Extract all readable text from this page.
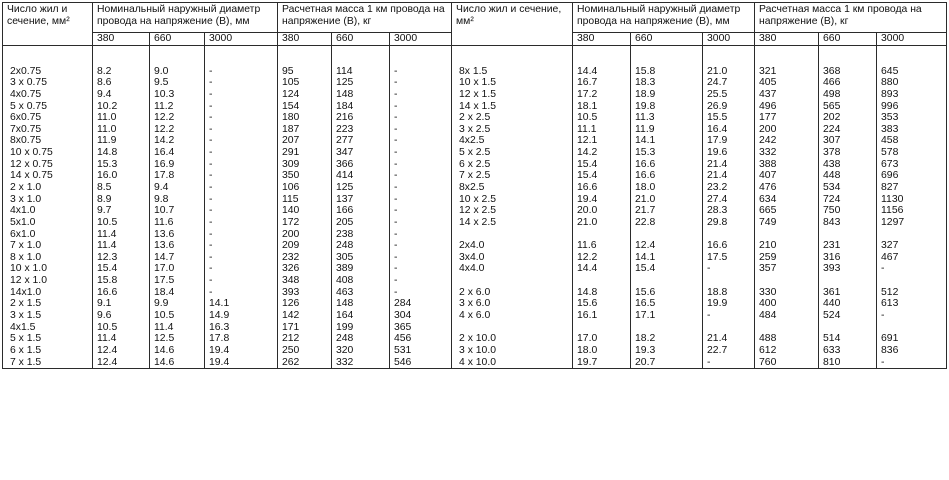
Число жил и сечение, мм²	Номинальный наружный диаметр провода на напряжение (В), мм			Расчетная масса 1 км провода на напряжение (В), кг			Число жил и сечение, мм²	Номинальный наружный диаметр провода на напряжение (В), мм			Расчетная масса 1 км провода на напряжение (В), кг		
	380	660	3000	380	660	3000		380	660	3000	380	660	3000

2x0.75	8.2	9.0	-	95	114	-	8x 1.5	14.4	15.8	21.0	321	368	645
3 x 0.75	8.6	9.5	-	105	125	-	10 x 1.5	16.7	18.3	24.7	405	466	880
4x0.75	9.4	10.3	-	124	148	-	12 x 1.5	17.2	18.9	25.5	437	498	893
5 x 0.75	10.2	11.2	-	154	184	-	14 x 1.5	18.1	19.8	26.9	496	565	996
6x0.75	11.0	12.2	-	180	216	-	2 x 2.5	10.5	11.3	15.5	177	202	353
7x0.75	11.0	12.2	-	187	223	-	3 x 2.5	11.1	11.9	16.4	200	224	383
8x0.75	11.9	14.2	-	207	277	-	4x2.5	12.1	14.1	17.9	242	307	458
10 x 0.75	14.8	16.4	-	291	347	-	5 x 2.5	14.2	15.3	19.6	332	378	578
12 x 0.75	15.3	16.9	-	309	366	-	6 x 2.5	15.4	16.6	21.4	388	438	673
14 x 0.75	16.0	17.8	-	350	414	-	7 x 2.5	15.4	16.6	21.4	407	448	696
2 x 1.0	8.5	9.4	-	106	125	-	8x2.5	16.6	18.0	23.2	476	534	827
3 x 1.0	8.9	9.8	-	115	137	-	10 x 2.5	19.4	21.0	27.4	634	724	1130
4x1.0	9.7	10.7	-	140	166	-	12 x 2.5	20.0	21.7	28.3	665	750	1156
5x1.0	10.5	11.6	-	172	205	-	14 x 2.5	21.0	22.8	29.8	749	843	1297
6x1.0	11.4	13.6	-	200	238	-							
7 x 1.0	11.4	13.6	-	209	248	-	2x4.0	11.6	12.4	16.6	210	231	327
8 x 1.0	12.3	14.7	-	232	305	-	3x4.0	12.2	14.1	17.5	259	316	467
10 x 1.0	15.4	17.0	-	326	389	-	4x4.0	14.4	15.4	-	357	393	-
12 x 1.0	15.8	17.5	-	348	408	-							
14x1.0	16.6	18.4	-	393	463	-	2 x 6.0	14.8	15.6	18.8	330	361	512
2 x 1.5	9.1	9.9	14.1	126	148	284	3 x 6.0	15.6	16.5	19.9	400	440	613
3 x 1.5	9.6	10.5	14.9	142	164	304	4 x 6.0	16.1	17.1	-	484	524	-
4x1.5	10.5	11.4	16.3	171	199	365							
5 x 1.5	11.4	12.5	17.8	212	248	456	2 x 10.0	17.0	18.2	21.4	488	514	691
6 x 1.5	12.4	14.6	19.4	250	320	531	3 x 10.0	18.0	19.3	22.7	612	633	836
7 x 1.5	12.4	14.6	19.4	262	332	546	4 x 10.0	19.7	20.7	-	760	810	-
